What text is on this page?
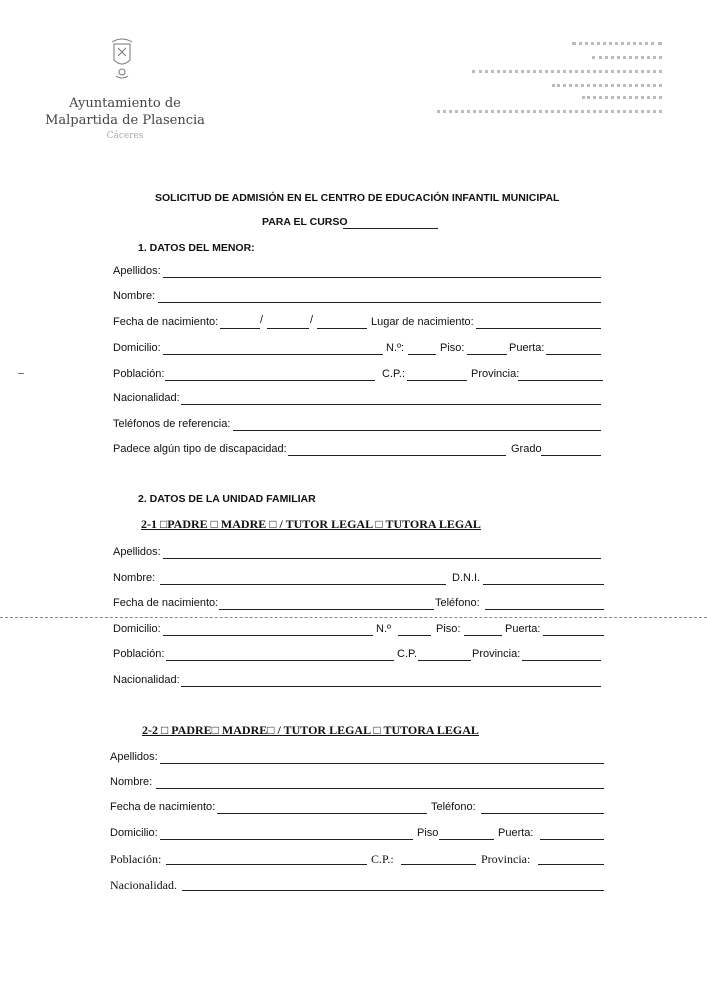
Ayuntamiento de
Malpartida de Plasencia
Cáceres
SOLICITUD DE ADMISIÓN EN EL CENTRO DE EDUCACIÓN INFANTIL MUNICIPAL
PARA EL CURSO
1. DATOS DEL MENOR:
Apellidos:
Nombre:
Fecha de nacimiento:	/	/	Lugar de nacimiento:
Domicilio:	N.º:	Piso:	Puerta:
Población:	C.P.:	Provincia:
Nacionalidad:
Teléfonos de referencia:
Padece algún tipo de discapacidad:	Grado
2. DATOS DE LA UNIDAD FAMILIAR
2-1 □PADRE □ MADRE □ / TUTOR LEGAL □ TUTORA LEGAL
Apellidos:
Nombre:	D.N.I.
Fecha de nacimiento:	Teléfono:
Domicilio:	N.º	Piso:	Puerta:
Población:	C.P.	Provincia:
Nacionalidad:
2-2 □ PADRE□ MADRE□ / TUTOR LEGAL □ TUTORA LEGAL
Apellidos:
Nombre:
Fecha de nacimiento:	Teléfono:
Domicilio:	Piso	Puerta:
Población:	C.P.:	Provincia:
Nacionalidad.
